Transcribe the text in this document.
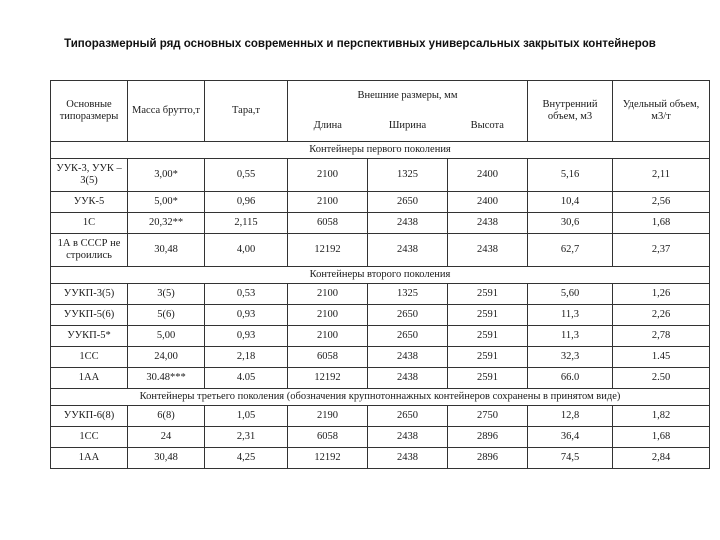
Типоразмерный ряд основных современных и перспективных универсальных закрытых контейнеров
Основные типоразмеры	Масса брутто,т	Тара,т	Внешние размеры, мм			Внутренний объем, м3	Удельный объем, м3/т
			Длина	Ширина	Высота		
Контейнеры первого поколения							
УУК-3, УУК –3(5)	3,00*	0,55	2100	1325	2400	5,16	2,11
УУК-5	5,00*	0,96	2100	2650	2400	10,4	2,56
1С	20,32**	2,115	6058	2438	2438	30,6	1,68
1А в СССР не строились	30,48	4,00	12192	2438	2438	62,7	2,37
Контейнеры второго поколения							
УУКП-3(5)	3(5)	0,53	2100	1325	2591	5,60	1,26
УУКП-5(6)	5(6)	0,93	2100	2650	2591	11,3	2,26
УУКП-5*	5,00	0,93	2100	2650	2591	11,3	2,78
1СС	24,00	2,18	6058	2438	2591	32,3	1.45
1АА	30.48***	4.05	12192	2438	2591	66.0	2.50
Контейнеры третьего поколения (обозначения крупнотоннажных контейнеров сохранены в принятом виде)							
УУКП-6(8)	6(8)	1,05	2190	2650	2750	12,8	1,82
1СС	24	2,31	6058	2438	2896	36,4	1,68
1АА	30,48	4,25	12192	2438	2896	74,5	2,84
